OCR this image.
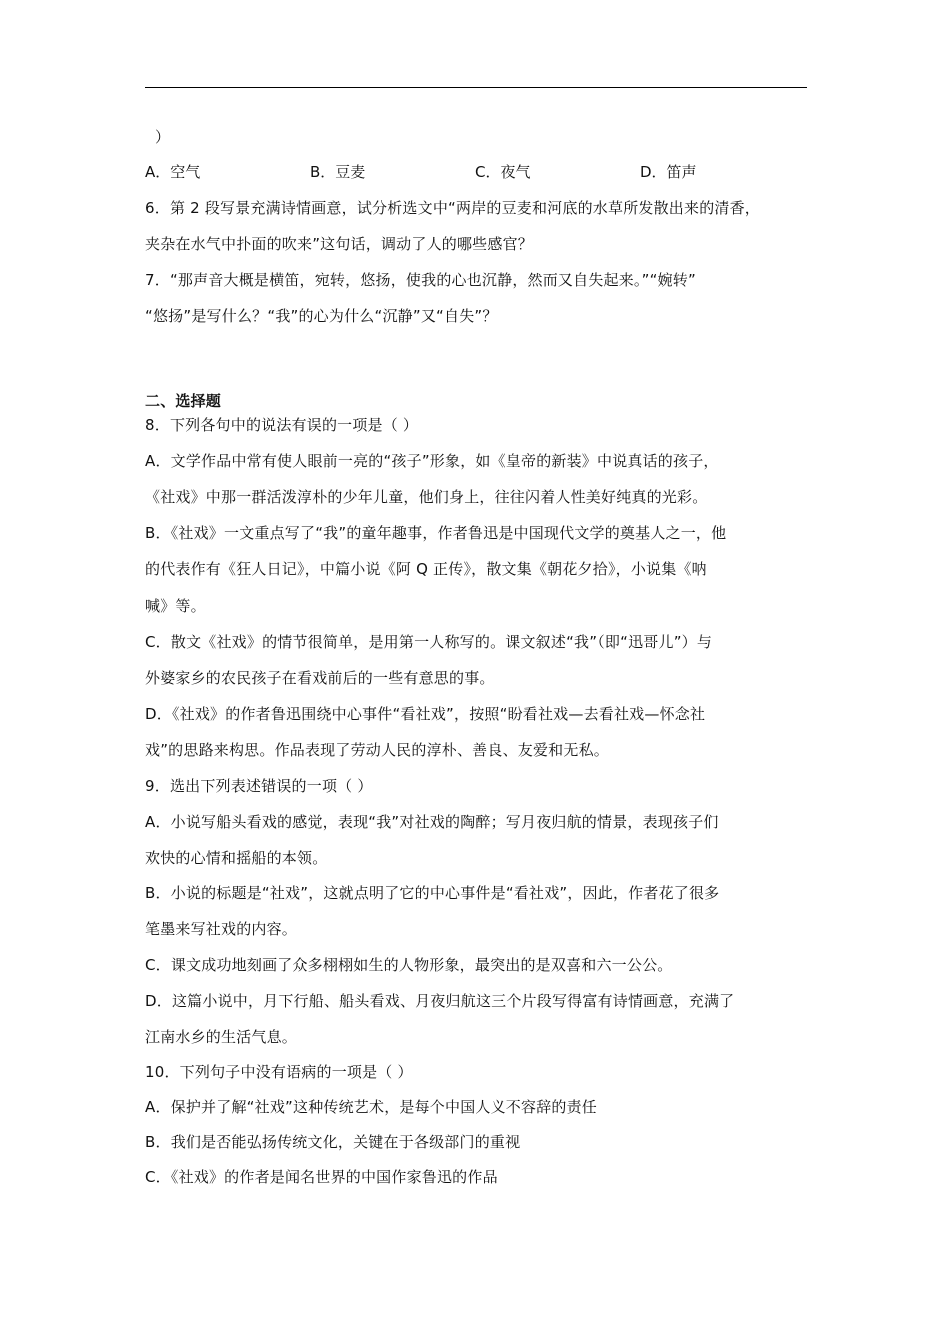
）
A．空气	B．豆麦	C．夜气	D．笛声
6．第 2 段写景充满诗情画意，试分析选文中“两岸的豆麦和河底的水草所发散出来的清香，
夹杂在水气中扑面的吹来”这句话，调动了人的哪些感官？
7．“那声音大概是横笛，宛转，悠扬，使我的心也沉静，然而又自失起来。”“婉转”
“悠扬”是写什么？“我”的心为什么“沉静”又“自失”？
二、选择题
8．下列各句中的说法有误的一项是（ ）
A．文学作品中常有使人眼前一亮的“孩子”形象，如《皇帝的新装》中说真话的孩子，
《社戏》中那一群活泼淳朴的少年儿童，他们身上，往往闪着人性美好纯真的光彩。
B．《社戏》一文重点写了“我”的童年趣事，作者鲁迅是中国现代文学的奠基人之一，他
的代表作有《狂人日记》，中篇小说《阿 Q 正传》，散文集《朝花夕拾》，小说集《呐
喊》等。
C．散文《社戏》的情节很简单，是用第一人称写的。课文叙述“我”（即“迅哥儿”）与
外婆家乡的农民孩子在看戏前后的一些有意思的事。
D．《社戏》的作者鲁迅围绕中心事件“看社戏”，按照“盼看社戏—去看社戏—怀念社
戏”的思路来构思。作品表现了劳动人民的淳朴、善良、友爱和无私。
9．选出下列表述错误的一项（ ）
A．小说写船头看戏的感觉，表现“我”对社戏的陶醉；写月夜归航的情景，表现孩子们
欢快的心情和摇船的本领。
B．小说的标题是“社戏”，这就点明了它的中心事件是“看社戏”，因此，作者花了很多
笔墨来写社戏的内容。
C．课文成功地刻画了众多栩栩如生的人物形象，最突出的是双喜和六一公公。
D．这篇小说中，月下行船、船头看戏、月夜归航这三个片段写得富有诗情画意，充满了
江南水乡的生活气息。
10．下列句子中没有语病的一项是（ ）
A．保护并了解“社戏”这种传统艺术，是每个中国人义不容辞的责任
B．我们是否能弘扬传统文化，关键在于各级部门的重视
C．《社戏》的作者是闻名世界的中国作家鲁迅的作品
